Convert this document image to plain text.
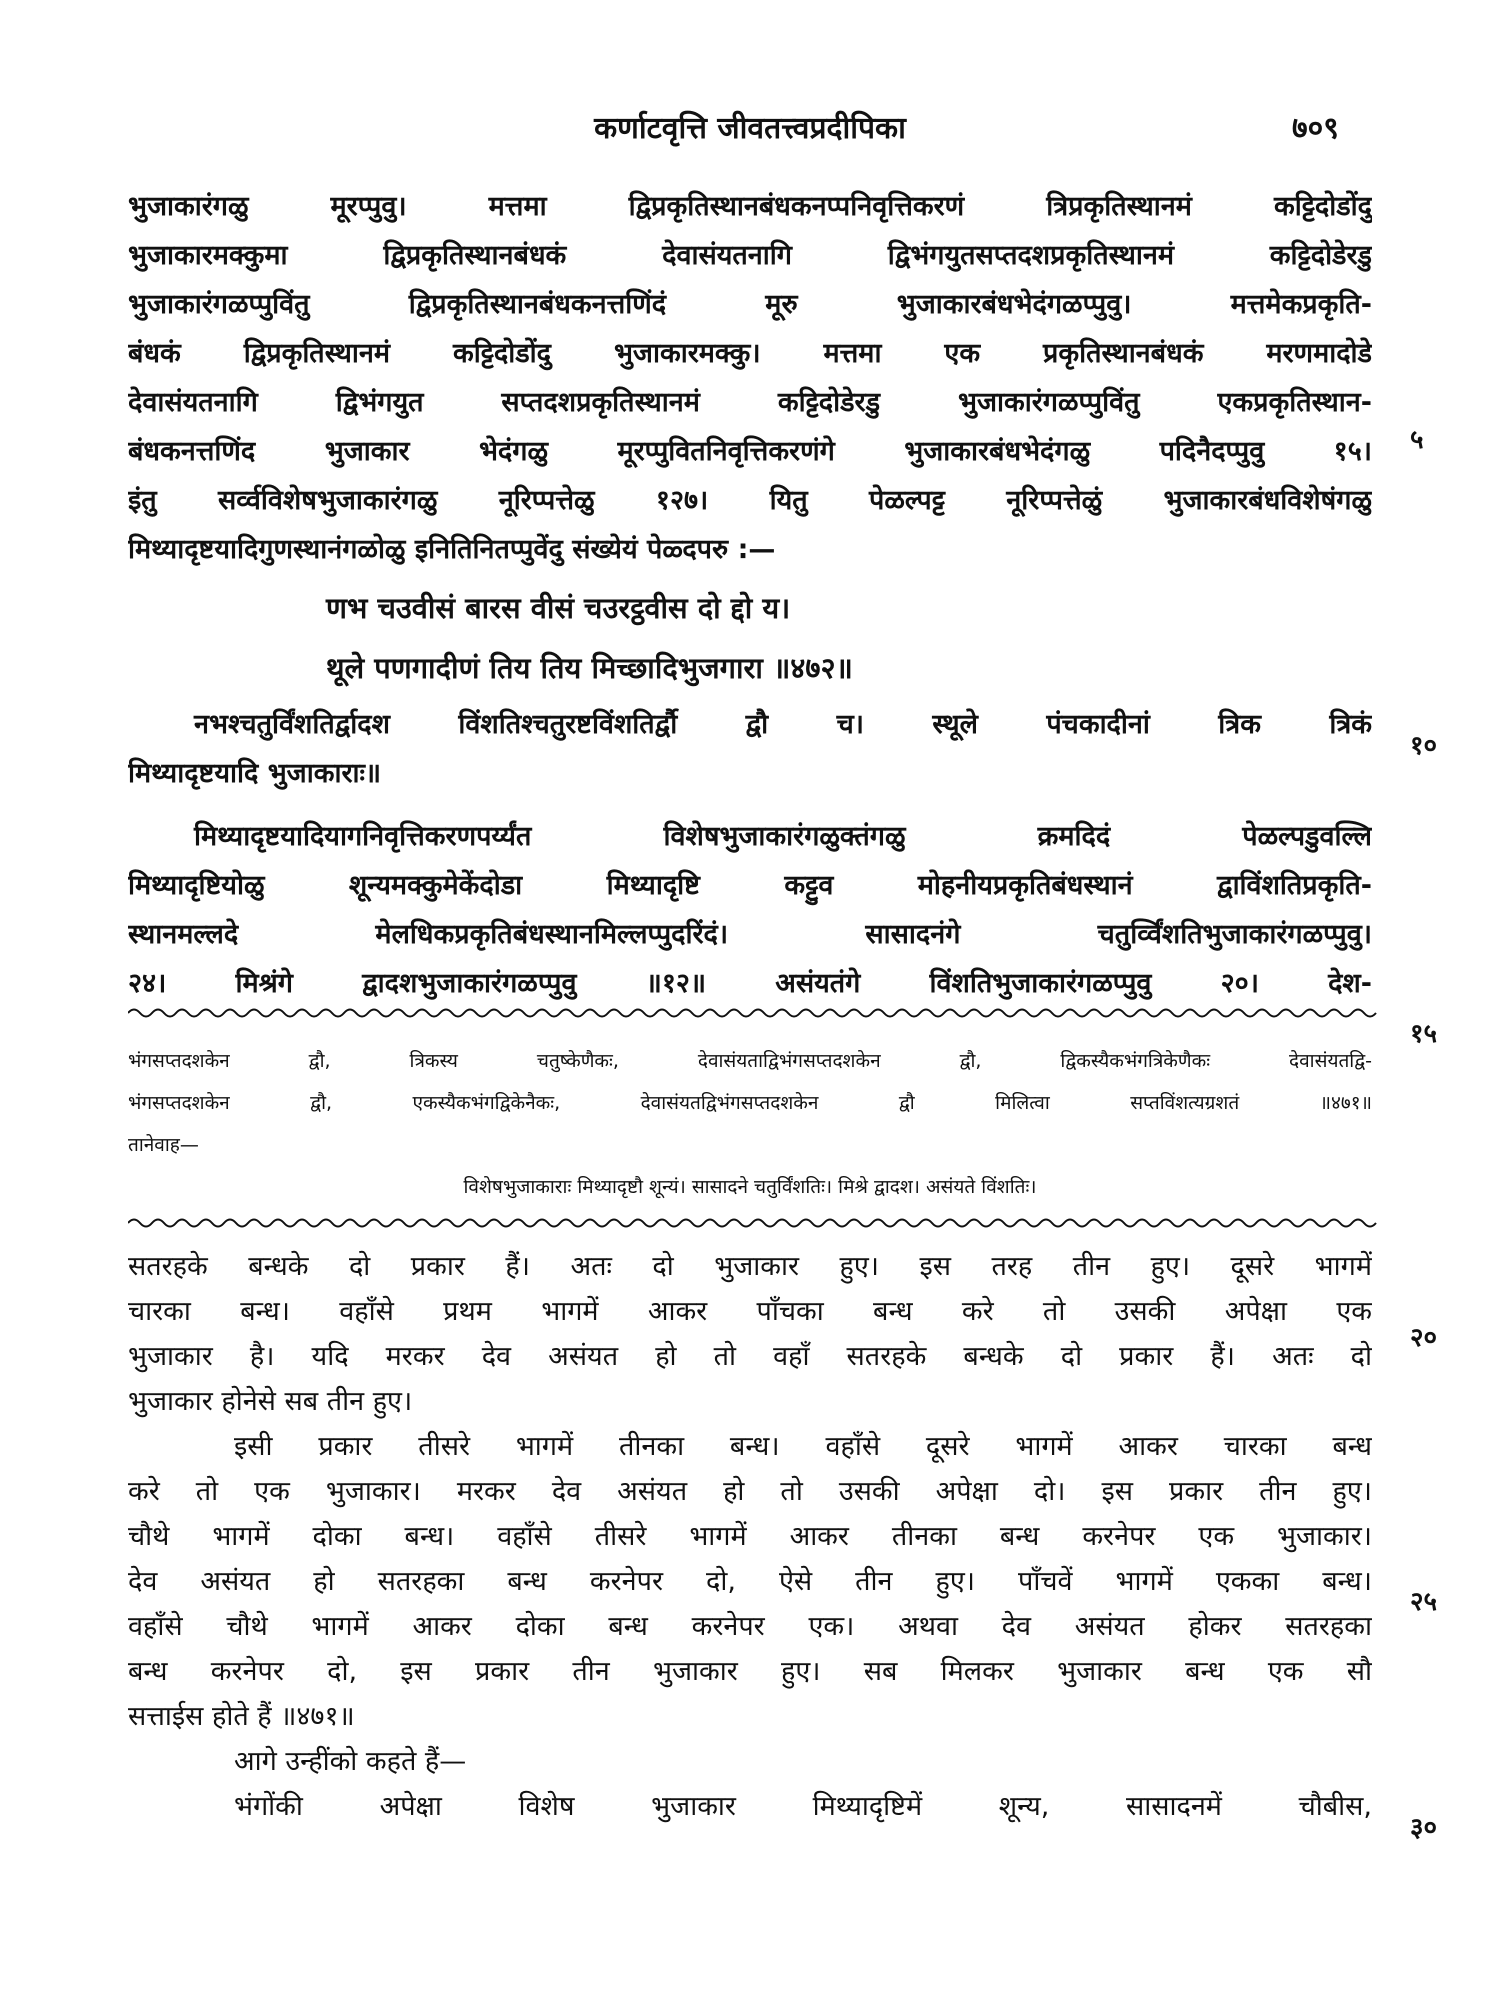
कर्णाटवृत्ति जीवतत्त्वप्रदीपिका	७०९
भुजाकारंगळु मूरप्पुवु। मत्तमा द्विप्रकृतिस्थानबंधकनप्पनिवृत्तिकरणं त्रिप्रकृतिस्थानमं कट्टिदोडोंदु
भुजाकारमक्कुमा द्विप्रकृतिस्थानबंधकं देवासंयतनागि द्विभंगयुतसप्तदशप्रकृतिस्थानमं कट्टिदोडेरडु
भुजाकारंगळप्पुविंतु द्विप्रकृतिस्थानबंधकनत्तणिंदं मूरु भुजाकारबंधभेदंगळप्पुवु। मत्तमेकप्रकृति-
बंधकं द्विप्रकृतिस्थानमं कट्टिदोडोंदु भुजाकारमक्कु। मत्तमा एक प्रकृतिस्थानबंधकं मरणमादोडे
देवासंयतनागि द्विभंगयुत सप्तदशप्रकृतिस्थानमं कट्टिदोडेरडु भुजाकारंगळप्पुविंतु एकप्रकृतिस्थान-
बंधकनत्तणिंद भुजाकार भेदंगळु मूरप्पुवितनिवृत्तिकरणंगे भुजाकारबंधभेदंगळु पदिनैदप्पुवु १५।
इंतु सर्व्वविशेषभुजाकारंगळु नूरिप्पत्तेळु १२७। यितु पेळल्पट्ट नूरिप्पत्तेळुं भुजाकारबंधविशेषंगळु
मिथ्यादृष्टयादिगुणस्थानंगळोळु इनितिनितप्पुवेंदु संख्येयं पेळ्दपरु :—
णभ चउवीसं बारस वीसं चउरट्ठवीस दो द्दो य।
थूले पणगादीणं तिय तिय मिच्छादिभुजगारा ॥४७२॥
नभश्चतुर्विंशतिर्द्वादश विंशतिश्चतुरष्टविंशतिर्द्वौ द्वौ च। स्थूले पंचकादीनां त्रिक त्रिकं
मिथ्यादृष्टयादि भुजाकाराः॥
मिथ्यादृष्टयादियागनिवृत्तिकरणपर्य्यंत विशेषभुजाकारंगळुक्तंगळु क्रमदिदं पेळल्पडुवल्लि
मिथ्यादृष्टियोळु शून्यमक्कुमेकेंदोडा मिथ्यादृष्टि कट्टुव मोहनीयप्रकृतिबंधस्थानं द्वाविंशतिप्रकृति-
स्थानमल्लदे मेलधिकप्रकृतिबंधस्थानमिल्लप्पुदरिंदं। सासादनंगे चतुर्व्विंशतिभुजाकारंगळप्पुवु।
२४। मिश्रंगे द्वादशभुजाकारंगळप्पुवु ॥१२॥ असंयतंगे विंशतिभुजाकारंगळप्पुवु २०। देश-
भंगसप्तदशकेन द्वौ, त्रिकस्य चतुष्केणैकः, देवासंयताद्विभंगसप्तदशकेन द्वौ, द्विकस्यैकभंगत्रिकेणैकः देवासंयतद्वि-
भंगसप्तदशकेन द्वौ, एकस्यैकभंगद्विकेनैकः, देवासंयतद्विभंगसप्तदशकेन द्वौ मिलित्वा सप्तविंशत्यग्रशतं ॥४७१॥
तानेवाह—
विशेषभुजाकाराः मिथ्यादृष्टौ शून्यं। सासादने चतुर्विंशतिः। मिश्रे द्वादश। असंयते विंशतिः।
सतरहके बन्धके दो प्रकार हैं। अतः दो भुजाकार हुए। इस तरह तीन हुए। दूसरे भागमें
चारका बन्ध। वहाँसे प्रथम भागमें आकर पाँचका बन्ध करे तो उसकी अपेक्षा एक
भुजाकार है। यदि मरकर देव असंयत हो तो वहाँ सतरहके बन्धके दो प्रकार हैं। अतः दो
भुजाकार होनेसे सब तीन हुए।
इसी प्रकार तीसरे भागमें तीनका बन्ध। वहाँसे दूसरे भागमें आकर चारका बन्ध
करे तो एक भुजाकार। मरकर देव असंयत हो तो उसकी अपेक्षा दो। इस प्रकार तीन हुए।
चौथे भागमें दोका बन्ध। वहाँसे तीसरे भागमें आकर तीनका बन्ध करनेपर एक भुजाकार।
देव असंयत हो सतरहका बन्ध करनेपर दो, ऐसे तीन हुए। पाँचवें भागमें एकका बन्ध।
वहाँसे चौथे भागमें आकर दोका बन्ध करनेपर एक। अथवा देव असंयत होकर सतरहका
बन्ध करनेपर दो, इस प्रकार तीन भुजाकार हुए। सब मिलकर भुजाकार बन्ध एक सौ
सत्ताईस होते हैं ॥४७१॥
आगे उन्हींको कहते हैं—
भंगोंकी अपेक्षा विशेष भुजाकार मिथ्यादृष्टिमें शून्य, सासादनमें चौबीस,
५
१०
१५
२०
२५
३०
